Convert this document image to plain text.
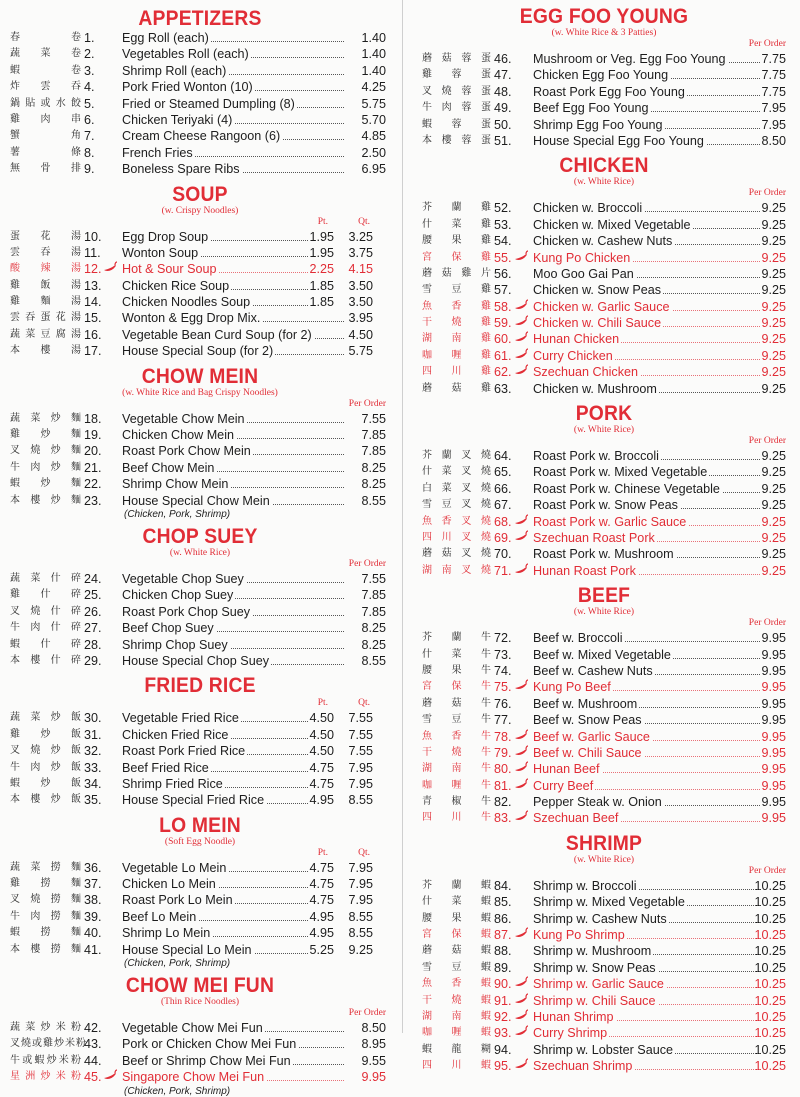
APPETIZERS
春卷 1. Egg Roll (each)	1.40
蔬菜卷 2. Vegetables Roll (each)	1.40
蝦卷 3. Shrimp Roll (each)	1.40
炸雲吞 4. Pork Fried Wonton (10)	4.25
鍋貼或水餃 5. Fried or Steamed Dumpling (8)	5.75
雞肉串 6. Chicken Teriyaki (4)	5.70
蟹角 7. Cream Cheese Rangoon (6)	4.85
薯條 8. French Fries	2.50
無骨排 9. Boneless Spare Ribs	6.95
SOUP
(w. Crispy Noodles)
Pt.	Qt.
蛋花湯 10. Egg Drop Soup	1.95 3.25
雲吞湯 11. Wonton Soup	1.95 3.75
酸辣湯 12. Hot & Sour Soup	2.25 4.15
雞飯湯 13. Chicken Rice Soup	1.85 3.50
雞麵湯 14. Chicken Noodles Soup	1.85 3.50
雲吞蛋花湯 15. Wonton & Egg Drop Mix.	3.95
蔬菜豆腐湯 16. Vegetable Bean Curd Soup (for 2)	4.50
本樓湯 17. House Special Soup (for 2)	5.75
CHOW MEIN
(w. White Rice and Bag Crispy Noodles)
Per Order
蔬菜炒麵 18. Vegetable Chow Mein	7.55
雞炒麵 19. Chicken Chow Mein	7.85
叉燒炒麵 20. Roast Pork Chow Mein	7.85
牛肉炒麵 21. Beef Chow Mein	8.25
蝦炒麵 22. Shrimp Chow Mein	8.25
本樓炒麵 23. House Special Chow Mein	8.55
(Chicken, Pork, Shrimp)
CHOP SUEY
(w. White Rice)
Per Order
蔬菜什碎 24. Vegetable Chop Suey	7.55
雞什碎 25. Chicken Chop Suey	7.85
叉燒什碎 26. Roast Pork Chop Suey	7.85
牛肉什碎 27. Beef Chop Suey	8.25
蝦什碎 28. Shrimp Chop Suey	8.25
本樓什碎 29. House Special Chop Suey	8.55
FRIED RICE
Pt.	Qt.
蔬菜炒飯 30. Vegetable Fried Rice	4.50 7.55
雞炒飯 31. Chicken Fried Rice	4.50 7.55
叉燒炒飯 32. Roast Pork Fried Rice	4.50 7.55
牛肉炒飯 33. Beef Fried Rice	4.75 7.95
蝦炒飯 34. Shrimp Fried Rice	4.75 7.95
本樓炒飯 35. House Special Fried Rice	4.95 8.55
LO MEIN
(Soft Egg Noodle)
Pt.	Qt.
蔬菜撈麵 36. Vegetable Lo Mein	4.75 7.95
雞撈麵 37. Chicken Lo Mein	4.75 7.95
叉燒撈麵 38. Roast Pork Lo Mein	4.75 7.95
牛肉撈麵 39. Beef Lo Mein	4.95 8.55
蝦撈麵 40. Shrimp Lo Mein	4.95 8.55
本樓撈麵 41. House Special Lo Mein	5.25 9.25
(Chicken, Pork, Shrimp)
CHOW MEI FUN
(Thin Rice Noodles)
Per Order
蔬菜炒米粉 42. Vegetable Chow Mei Fun	8.50
叉燒或雞炒米粉
43. Pork or Chicken Chow Mei Fun	8.95
牛或蝦炒米粉 44. Beef or Shrimp Chow Mei Fun	9.55
星洲炒米粉 45. Singapore Chow Mei Fun	9.95
(Chicken, Pork, Shrimp)
EGG FOO YOUNG
(w. White Rice & 3 Patties)
Per Order
蘑菇蓉蛋 46. Mushroom or Veg. Egg Foo Young	7.75
雞蓉蛋 47. Chicken Egg Foo Young	7.75
叉燒蓉蛋 48. Roast Pork Egg Foo Young	7.75
牛肉蓉蛋 49. Beef Egg Foo Young	7.95
蝦蓉蛋 50. Shrimp Egg Foo Young	7.95
本樓蓉蛋 51. House Special Egg Foo Young	8.50
CHICKEN
(w. White Rice)
Per Order
芥蘭雞 52. Chicken w. Broccoli	9.25
什菜雞 53. Chicken w. Mixed Vegetable	9.25
腰果雞 54. Chicken w. Cashew Nuts	9.25
宮保雞 55. Kung Po Chicken	9.25
蘑菇雞片 56. Moo Goo Gai Pan	9.25
雪豆雞 57. Chicken w. Snow Peas	9.25
魚香雞 58. Chicken w. Garlic Sauce	9.25
干燒雞 59. Chicken w. Chili Sauce	9.25
湖南雞 60. Hunan Chicken	9.25
咖喱雞 61. Curry Chicken	9.25
四川雞 62. Szechuan Chicken	9.25
蘑菇雞 63. Chicken w. Mushroom	9.25
PORK
(w. White Rice)
Per Order
芥蘭叉燒 64. Roast Pork w. Broccoli	9.25
什菜叉燒 65. Roast Pork w. Mixed Vegetable	9.25
白菜叉燒 66. Roast Pork w. Chinese Vegetable	9.25
雪豆叉燒 67. Roast Pork w. Snow Peas	9.25
魚香叉燒 68. Roast Pork w. Garlic Sauce	9.25
四川叉燒 69. Szechuan Roast Pork	9.25
蘑菇叉燒 70. Roast Pork w. Mushroom	9.25
湖南叉燒 71. Hunan Roast Pork	9.25
BEEF
(w. White Rice)
Per Order
芥蘭牛 72. Beef w. Broccoli	9.95
什菜牛 73. Beef w. Mixed Vegetable	9.95
腰果牛 74. Beef w. Cashew Nuts	9.95
宮保牛 75. Kung Po Beef	9.95
蘑菇牛 76. Beef w. Mushroom	9.95
雪豆牛 77. Beef w. Snow Peas	9.95
魚香牛 78. Beef w. Garlic Sauce	9.95
干燒牛 79. Beef w. Chili Sauce	9.95
湖南牛 80. Hunan Beef	9.95
咖喱牛 81. Curry Beef	9.95
青椒牛 82. Pepper Steak w. Onion	9.95
四川牛 83. Szechuan Beef	9.95
SHRIMP
(w. White Rice)
Per Order
芥蘭蝦 84. Shrimp w. Broccoli	10.25
什菜蝦 85. Shrimp w. Mixed Vegetable	10.25
腰果蝦 86. Shrimp w. Cashew Nuts	10.25
宮保蝦 87. Kung Po Shrimp	10.25
蘑菇蝦 88. Shrimp w. Mushroom	10.25
雪豆蝦 89. Shrimp w. Snow Peas	10.25
魚香蝦 90. Shrimp w. Garlic Sauce	10.25
干燒蝦 91. Shrimp w. Chili Sauce	10.25
湖南蝦 92. Hunan Shrimp	10.25
咖喱蝦 93. Curry Shrimp	10.25
蝦龍糊 94. Shrimp w. Lobster Sauce	10.25
四川蝦 95. Szechuan Shrimp	10.25
